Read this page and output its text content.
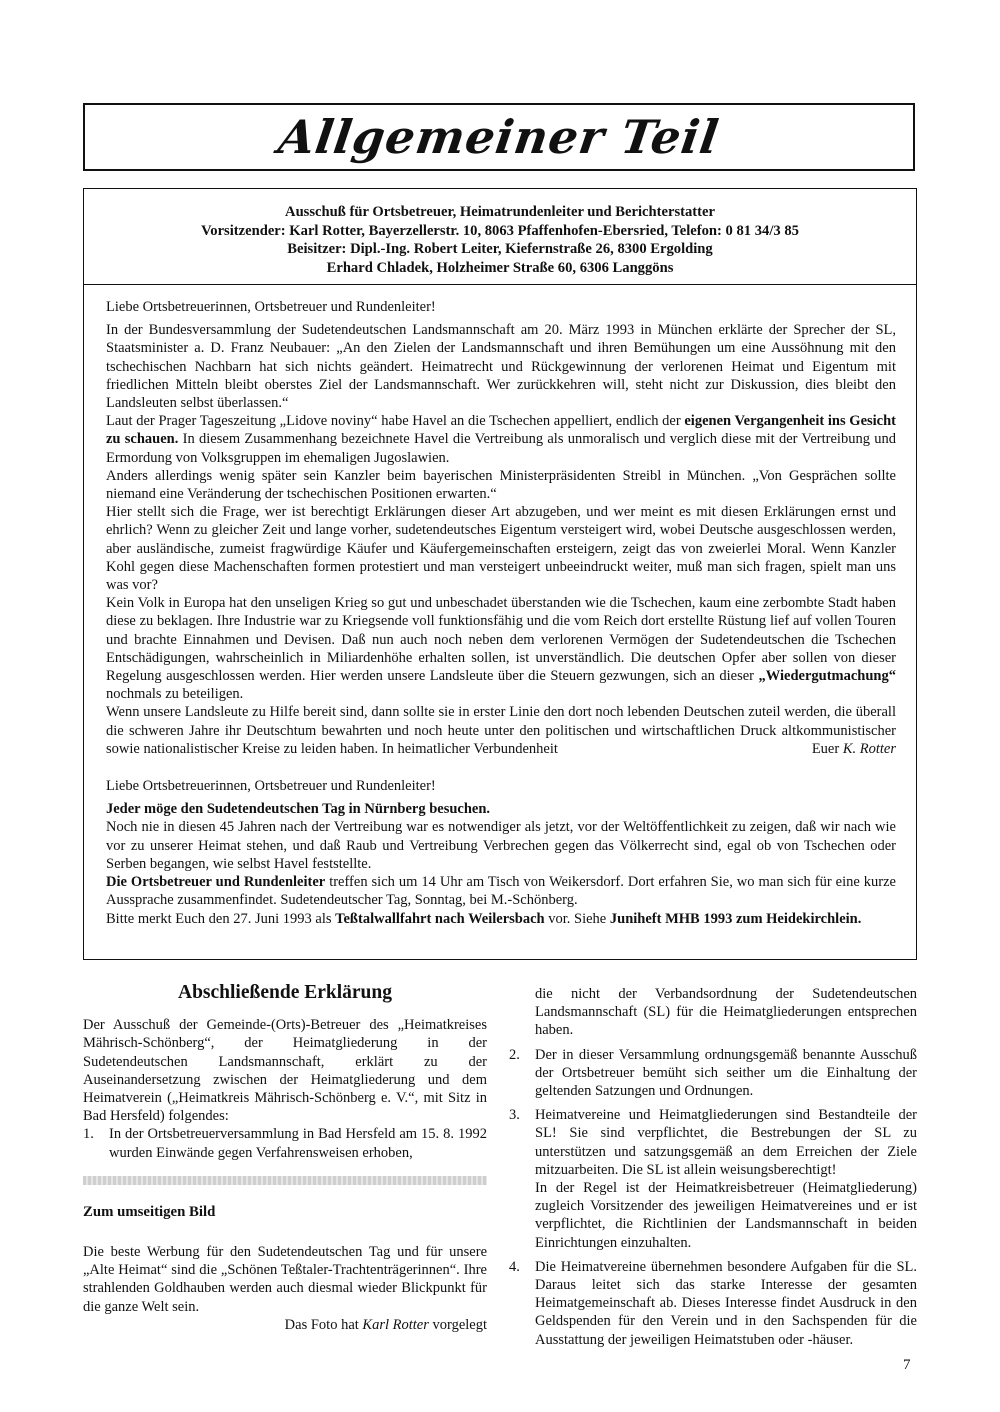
Allgemeiner Teil
Ausschuß für Ortsbetreuer, Heimatrundenleiter und Berichterstatter
Vorsitzender: Karl Rotter, Bayerzellerstr. 10, 8063 Pfaffenhofen-Ebersried, Telefon: 0 81 34/3 85
Beisitzer: Dipl.-Ing. Robert Leiter, Kiefernstraße 26, 8300 Ergolding
Erhard Chladek, Holzheimer Straße 60, 6306 Langgöns

Liebe Ortsbetreuerinnen, Ortsbetreuer und Rundenleiter!

In der Bundesversammlung der Sudetendeutschen Landsmannschaft am 20. März 1993 in München erklärte der Sprecher der SL, Staatsminister a. D. Franz Neubauer: „An den Zielen der Landsmannschaft und ihren Bemühungen um eine Aussöhnung mit den tschechischen Nachbarn hat sich nichts geändert. Heimatrecht und Rückgewinnung der verlorenen Heimat und Eigentum mit friedlichen Mitteln bleibt oberstes Ziel der Landsmannschaft. Wer zurückkehren will, steht nicht zur Diskussion, dies bleibt den Landsleuten selbst überlassen.“

Laut der Prager Tageszeitung „Lidove noviny“ habe Havel an die Tschechen appelliert, endlich der eigenen Vergangenheit ins Gesicht zu schauen. In diesem Zusammenhang bezeichnete Havel die Vertreibung als unmoralisch und verglich diese mit der Vertreibung und Ermordung von Volksgruppen im ehemaligen Jugoslawien.

Anders allerdings wenig später sein Kanzler beim bayerischen Ministerpräsidenten Streibl in München. „Von Gesprächen sollte niemand eine Veränderung der tschechischen Positionen erwarten.“

Hier stellt sich die Frage, wer ist berechtigt Erklärungen dieser Art abzugeben, und wer meint es mit diesen Erklärungen ernst und ehrlich? Wenn zu gleicher Zeit und lange vorher, sudetendeutsches Eigentum versteigert wird, wobei Deutsche ausgeschlossen werden, aber ausländische, zumeist fragwürdige Käufer und Käufergemeinschaften ersteigern, zeigt das von zweierlei Moral. Wenn Kanzler Kohl gegen diese Machenschaften formen protestiert und man versteigert unbeeindruckt weiter, muß man sich fragen, spielt man uns was vor?

Kein Volk in Europa hat den unseligen Krieg so gut und unbeschadet überstanden wie die Tschechen, kaum eine zerbombte Stadt haben diese zu beklagen. Ihre Industrie war zu Kriegsende voll funktionsfähig und die vom Reich dort erstellte Rüstung lief auf vollen Touren und brachte Einnahmen und Devisen. Daß nun auch noch neben dem verlorenen Vermögen der Sudetendeutschen die Tschechen Entschädigungen, wahrscheinlich in Miliardenhöhe erhalten sollen, ist unverständlich. Die deutschen Opfer aber sollen von dieser Regelung ausgeschlossen werden. Hier werden unsere Landsleute über die Steuern gezwungen, sich an dieser „Wiedergutmachung“ nochmals zu beteiligen.

Wenn unsere Landsleute zu Hilfe bereit sind, dann sollte sie in erster Linie den dort noch lebenden Deutschen zuteil werden, die überall die schweren Jahre ihr Deutschtum bewahrten und noch heute unter den politischen und wirtschaftlichen Druck altkommunistischer sowie nationalistischer Kreise zu leiden haben. In heimatlicher Verbundenheit	Euer K. Rotter

Liebe Ortsbetreuerinnen, Ortsbetreuer und Rundenleiter!

Jeder möge den Sudetendeutschen Tag in Nürnberg besuchen.

Noch nie in diesen 45 Jahren nach der Vertreibung war es notwendiger als jetzt, vor der Weltöffentlichkeit zu zeigen, daß wir nach wie vor zu unserer Heimat stehen, und daß Raub und Vertreibung Verbrechen gegen das Völkerrecht sind, egal ob von Tschechen oder Serben begangen, wie selbst Havel feststellte.

Die Ortsbetreuer und Rundenleiter treffen sich um 14 Uhr am Tisch von Weikersdorf. Dort erfahren Sie, wo man sich für eine kurze Aussprache zusammenfindet. Sudetendeutscher Tag, Sonntag, bei M.-Schönberg.

Bitte merkt Euch den 27. Juni 1993 als Teßtalwallfahrt nach Weilersbach vor. Siehe Juniheft MHB 1993 zum Heidekirchlein.

Abschließende Erklärung

Der Ausschuß der Gemeinde-(Orts)-Betreuer des „Heimatkreises Mährisch-Schönberg“, der Heimatgliederung in der Sudetendeutschen Landsmannschaft, erklärt zu der Auseinandersetzung zwischen der Heimatgliederung und dem Heimatverein („Heimatkreis Mährisch-Schönberg e. V.“, mit Sitz in Bad Hersfeld) folgendes:

1.	In der Ortsbetreuerversammlung in Bad Hersfeld am 15. 8. 1992 wurden Einwände gegen Verfahrensweisen erhoben,
Zum umseitigen Bild

Die beste Werbung für den Sudetendeutschen Tag und für unsere „Alte Heimat“ sind die „Schönen Teßtaler-Trachtenträgerinnen“. Ihre strahlenden Goldhauben werden auch diesmal wieder Blickpunkt für die ganze Welt sein.

Das Foto hat Karl Rotter vorgelegt

die nicht der Verbandsordnung der Sudetendeutschen Landsmannschaft (SL) für die Heimatgliederungen entsprechen haben.
2.	Der in dieser Versammlung ordnungsgemäß benannte Ausschuß der Ortsbetreuer bemüht sich seither um die Einhaltung der geltenden Satzungen und Ordnungen.
3.	Heimatvereine und Heimatgliederungen sind Bestandteile der SL! Sie sind verpflichtet, die Bestrebungen der SL zu unterstützen und satzungsgemäß an dem Erreichen der Ziele mitzuarbeiten. Die SL ist allein weisungsberechtigt!
In der Regel ist der Heimatkreisbetreuer (Heimatgliederung) zugleich Vorsitzender des jeweiligen Heimatvereines und er ist verpflichtet, die Richtlinien der Landsmannschaft in beiden Einrichtungen einzuhalten.
4.	Die Heimatvereine übernehmen besondere Aufgaben für die SL. Daraus leitet sich das starke Interesse der gesamten Heimatgemeinschaft ab. Dieses Interesse findet Ausdruck in den Geldspenden für den Verein und in den Sachspenden für die Ausstattung der jeweiligen Heimatstuben oder -häuser.
7
